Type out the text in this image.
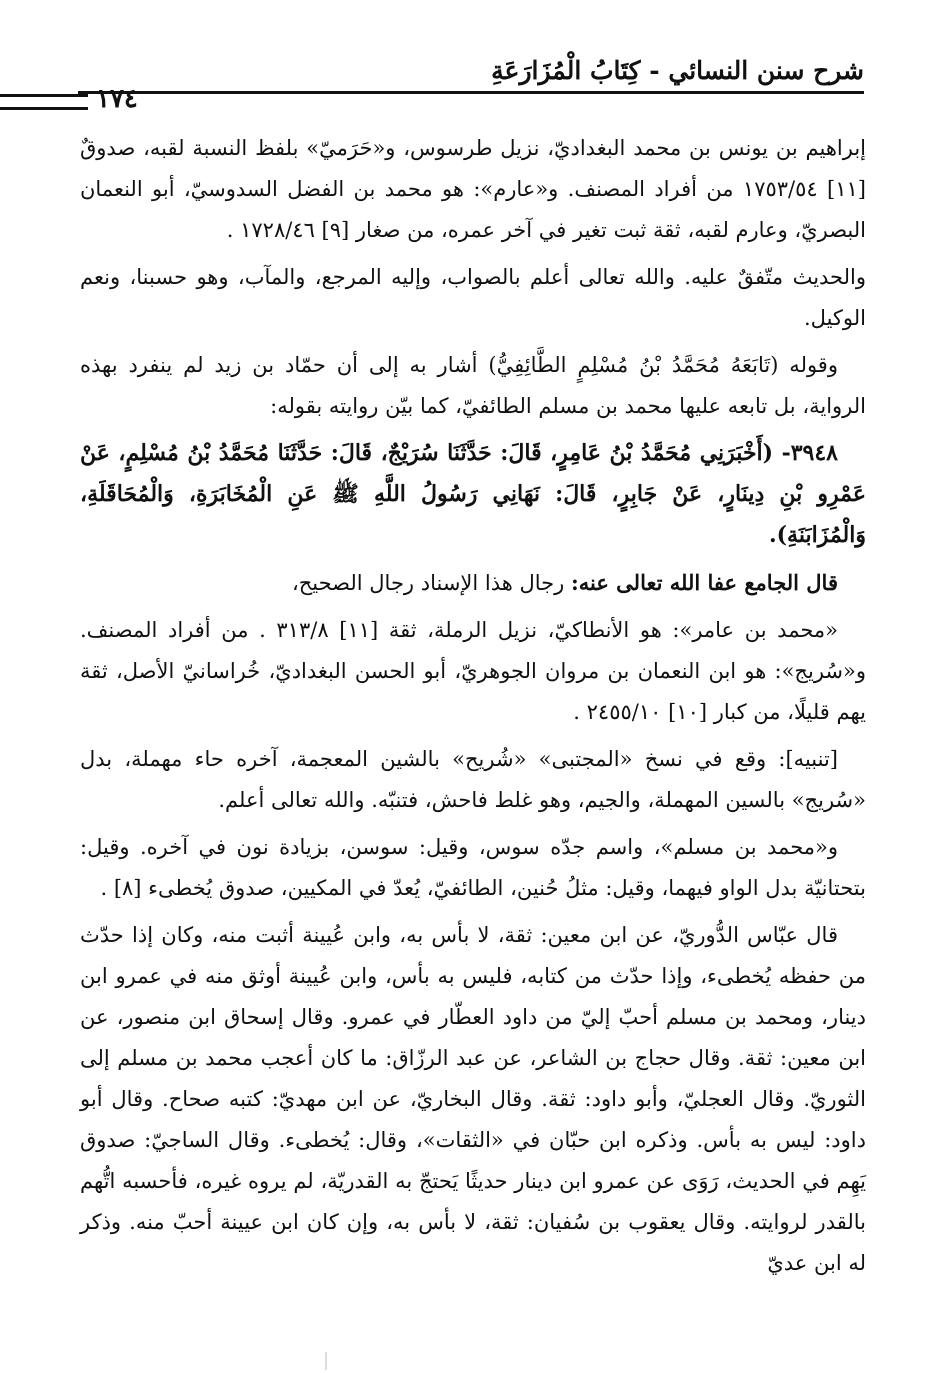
شرح سنن النسائي - كِتَابُ الْمُزَارَعَةِ
١٧٤

إبراهيم بن يونس بن محمد البغداديّ، نزيل طرسوس، و«حَرَميّ» بلفظ النسبة لقبه، صدوقٌ [١١] ١٧٥٣/٥٤ من أفراد المصنف. و«عارم»: هو محمد بن الفضل السدوسيّ، أبو النعمان البصريّ، وعارم لقبه، ثقة ثبت تغير في آخر عمره، من صغار [٩] ١٧٢٨/٤٦ .

والحديث متّفقٌ عليه. والله تعالى أعلم بالصواب، وإليه المرجع، والمآب، وهو حسبنا، ونعم الوكيل.

وقوله (تَابَعَهُ مُحَمَّدُ بْنُ مُسْلِمٍ الطَّائِفِيُّ) أشار به إلى أن حمّاد بن زيد لم ينفرد بهذه الرواية، بل تابعه عليها محمد بن مسلم الطائفيّ، كما بيّن روايته بقوله:

٣٩٤٨- (أَخْبَرَنِي مُحَمَّدُ بْنُ عَامِرٍ، قَالَ: حَدَّثَنَا سُرَيْجٌ، قَالَ: حَدَّثَنَا مُحَمَّدُ بْنُ مُسْلِمٍ، عَنْ عَمْرِو بْنِ دِينَارٍ، عَنْ جَابِرٍ، قَالَ: نَهَانِي رَسُولُ اللَّهِ ﷺ عَنِ الْمُخَابَرَةِ، وَالْمُحَاقَلَةِ، وَالْمُزَابَنَةِ).

قال الجامع عفا الله تعالى عنه: رجال هذا الإسناد رجال الصحيح،

«محمد بن عامر»: هو الأنطاكيّ، نزيل الرملة، ثقة [١١] ٣١٣/٨ . من أفراد المصنف. و«سُريج»: هو ابن النعمان بن مروان الجوهريّ، أبو الحسن البغداديّ، خُراسانيّ الأصل، ثقة يهم قليلًا، من كبار [١٠] ٢٤٥٥/١٠ .

[تنبيه]: وقع في نسخ «المجتبى» «شُريح» بالشين المعجمة، آخره حاء مهملة، بدل «سُريج» بالسين المهملة، والجيم، وهو غلط فاحش، فتنبّه. والله تعالى أعلم.

و«محمد بن مسلم»، واسم جدّه سوس، وقيل: سوسن، بزيادة نون في آخره. وقيل: بتحتانيّة بدل الواو فيهما، وقيل: مثلُ حُنين، الطائفيّ، يُعدّ في المكيين، صدوق يُخطىء [٨] .

قال عبّاس الدُّوريّ، عن ابن معين: ثقة، لا بأس به، وابن عُيينة أثبت منه، وكان إذا حدّث من حفظه يُخطىء، وإذا حدّث من كتابه، فليس به بأس، وابن عُيينة أوثق منه في عمرو ابن دينار، ومحمد بن مسلم أحبّ إليّ من داود العطّار في عمرو. وقال إسحاق ابن منصور، عن ابن معين: ثقة. وقال حجاج بن الشاعر، عن عبد الرزّاق: ما كان أعجب محمد بن مسلم إلى الثوريّ. وقال العجليّ، وأبو داود: ثقة. وقال البخاريّ، عن ابن مهديّ: كتبه صحاح. وقال أبو داود: ليس به بأس. وذكره ابن حبّان في «الثقات»، وقال: يُخطىء. وقال الساجيّ: صدوق يَهِم في الحديث، رَوَى عن عمرو ابن دينار حديثًا يَحتجّ به القدريّة، لم يروه غيره، فأحسبه اتُّهم بالقدر لروايته. وقال يعقوب بن سُفيان: ثقة، لا بأس به، وإن كان ابن عيينة أحبّ منه. وذكر له ابن عديّ
